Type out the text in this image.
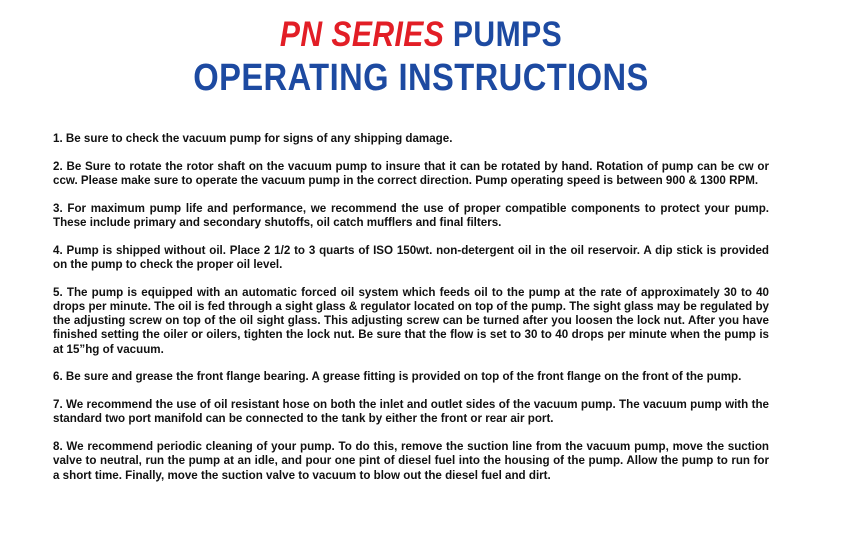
PN SERIES PUMPS
OPERATING INSTRUCTIONS
1. Be sure to check the vacuum pump for signs of any shipping damage.
2. Be Sure to rotate the rotor shaft on the vacuum pump to insure that it can be rotated by hand. Rotation of pump can be cw or ccw. Please make sure to operate the vacuum pump in the correct direction. Pump operating speed is between 900 & 1300 RPM.
3. For maximum pump life and performance, we recommend the use of proper compatible components to protect your pump. These include primary and secondary shutoffs, oil catch mufflers and final filters.
4. Pump is shipped without oil. Place 2 1/2 to 3 quarts of ISO 150wt. non-detergent oil in the oil reservoir. A dip stick is provided on the pump to check the proper oil level.
5. The pump is equipped with an automatic forced oil system which feeds oil to the pump at the rate of approximately 30 to 40 drops per minute. The oil is fed through a sight glass & regulator located on top of the pump. The sight glass may be regulated by the adjusting screw on top of the oil sight glass. This adjusting screw can be turned after you loosen the lock nut. After you have finished setting the oiler or oilers, tighten the lock nut. Be sure that the flow is set to 30 to 40 drops per minute when the pump is at 15”hg of vacuum.
6. Be sure and grease the front flange bearing. A grease fitting is provided on top of the front flange on the front of the pump.
7. We recommend the use of oil resistant hose on both the inlet and outlet sides of the vacuum pump. The vacuum pump with the standard two port manifold can be connected to the tank by either the front or rear air port.
8. We recommend periodic cleaning of your pump. To do this, remove the suction line from the vacuum pump, move the suction valve to neutral, run the pump at an idle, and pour one pint of diesel fuel into the housing of the pump. Allow the pump to run for a short time. Finally, move the suction valve to vacuum to blow out the diesel fuel and dirt.
